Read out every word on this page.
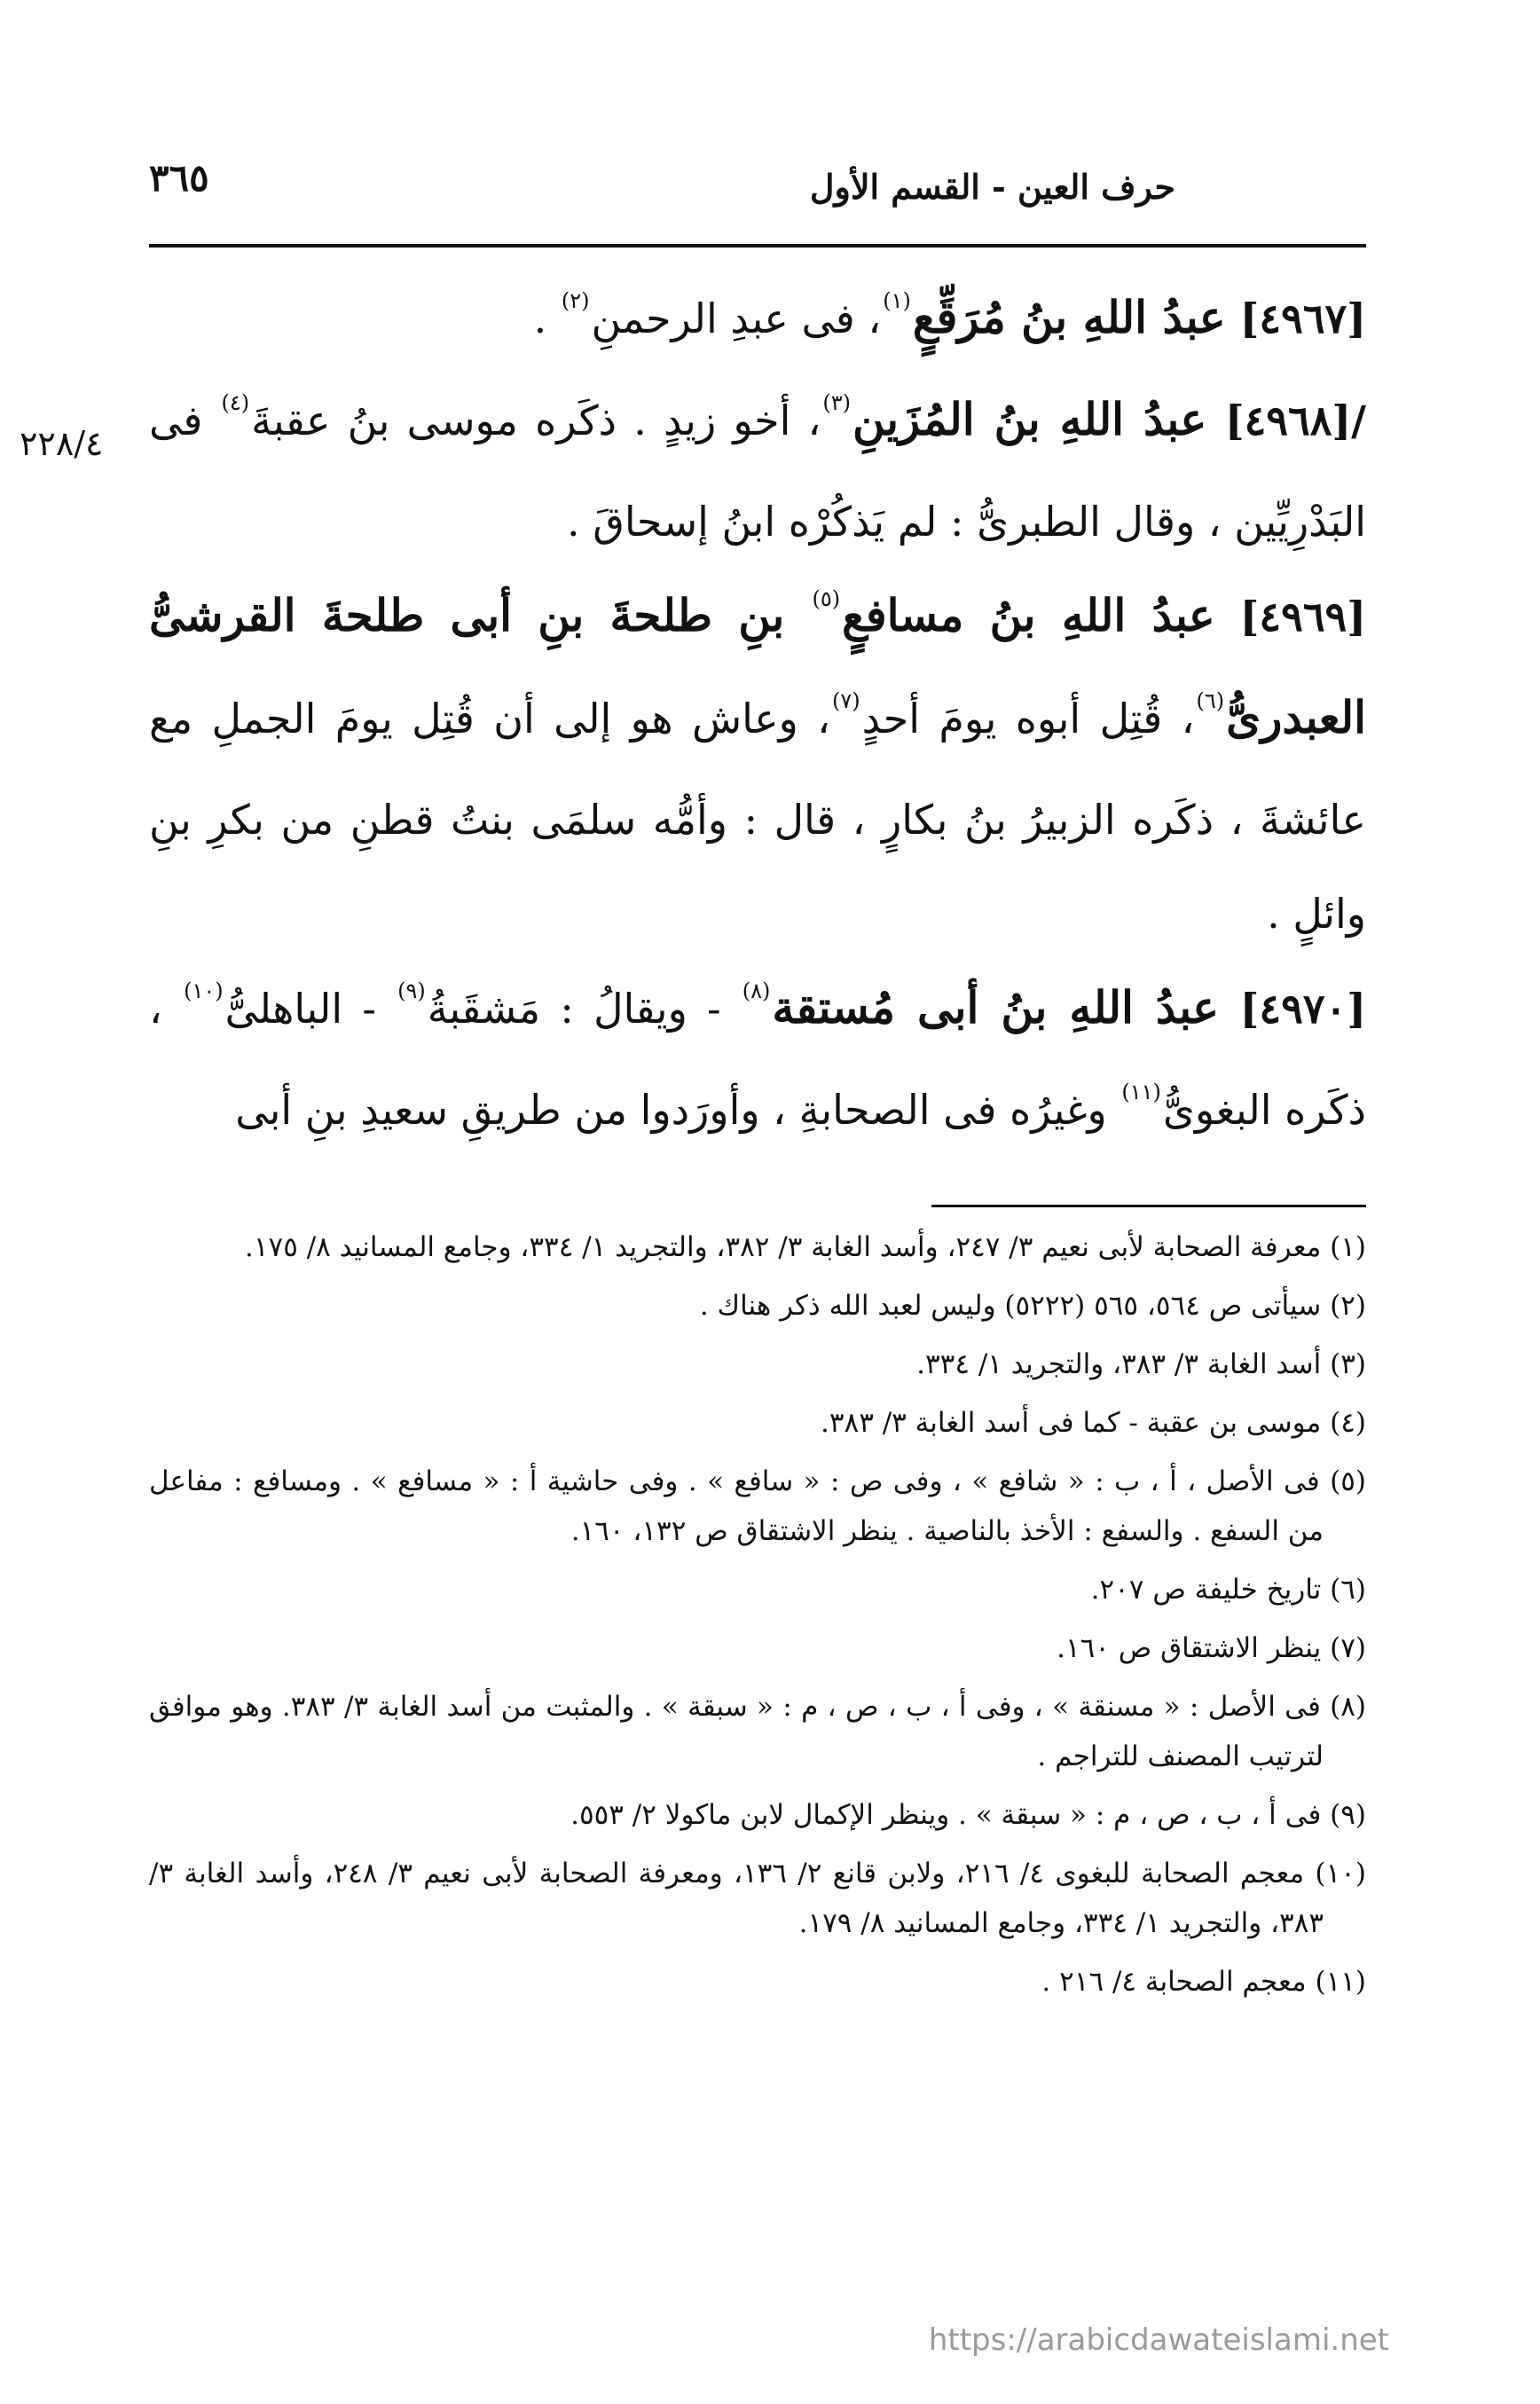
حرف العين - القسم الأول
٣٦٥
٢٢٨/٤

[٤٩٦٧] عبدُ اللهِ بنُ مُرَقِّعٍ$^{(١)}$، فى عبدِ الرحمنِ$^{(٢)}$ .

/[٤٩٦٨] عبدُ اللهِ بنُ المُزَينِ$^{(٣)}$، أخو زيدٍ . ذكَره موسى بنُ عقبةَ$^{(٤)}$ فى البَدْرِيِّين ، وقال الطبرىُّ : لم يَذكُرْه ابنُ إسحاقَ .

[٤٩٦٩] عبدُ اللهِ بنُ مسافعٍ$^{(٥)}$ بنِ طلحةَ بنِ أبى طلحةَ القرشىُّ العبدرىُّ$^{(٦)}$، قُتِل أبوه يومَ أحدٍ$^{(٧)}$، وعاش هو إلى أن قُتِل يومَ الجملِ مع عائشةَ ، ذكَره الزبيرُ بنُ بكارٍ ، قال : وأمُّه سلمَى بنتُ قطنِ من بكرِ بنِ وائلٍ .

[٤٩٧٠] عبدُ اللهِ بنُ أبى مُستقة$^{(٨)}$ - ويقالُ : مَشقَبةُ$^{(٩)}$ - الباهلىُّ$^{(١٠)}$ ، ذكَره البغوىُّ$^{(١١)}$ وغيرُه فى الصحابةِ ، وأورَدوا من طريقِ سعيدِ بنِ أبى

(١) معرفة الصحابة لأبى نعيم ٣/ ٢٤٧، وأسد الغابة ٣/ ٣٨٢، والتجريد ١/ ٣٣٤، وجامع المسانيد ٨/ ١٧٥.

(٢) سيأتى ص ٥٦٤، ٥٦٥ (٥٢٢٢) وليس لعبد الله ذكر هناك .

(٣) أسد الغابة ٣/ ٣٨٣، والتجريد ١/ ٣٣٤.

(٤) موسى بن عقبة - كما فى أسد الغابة ٣/ ٣٨٣.

(٥) فى الأصل ، أ ، ب : « شافع » ، وفى ص : « سافع » . وفى حاشية أ : « مسافع » . ومسافع : مفاعل من السفع . والسفع : الأخذ بالناصية . ينظر الاشتقاق ص ١٣٢، ١٦٠.

(٦) تاريخ خليفة ص ٢٠٧.

(٧) ينظر الاشتقاق ص ١٦٠.

(٨) فى الأصل : « مسنقة » ، وفى أ ، ب ، ص ، م : « سبقة » . والمثبت من أسد الغابة ٣/ ٣٨٣. وهو موافق لترتيب المصنف للتراجم .

(٩) فى أ ، ب ، ص ، م : « سبقة » . وينظر الإكمال لابن ماكولا ٢/ ٥٥٣.

(١٠) معجم الصحابة للبغوى ٤/ ٢١٦، ولابن قانع ٢/ ١٣٦، ومعرفة الصحابة لأبى نعيم ٣/ ٢٤٨، وأسد الغابة ٣/ ٣٨٣، والتجريد ١/ ٣٣٤، وجامع المسانيد ٨/ ١٧٩.

(١١) معجم الصحابة ٤/ ٢١٦ .

https://arabicdawateislami.net
